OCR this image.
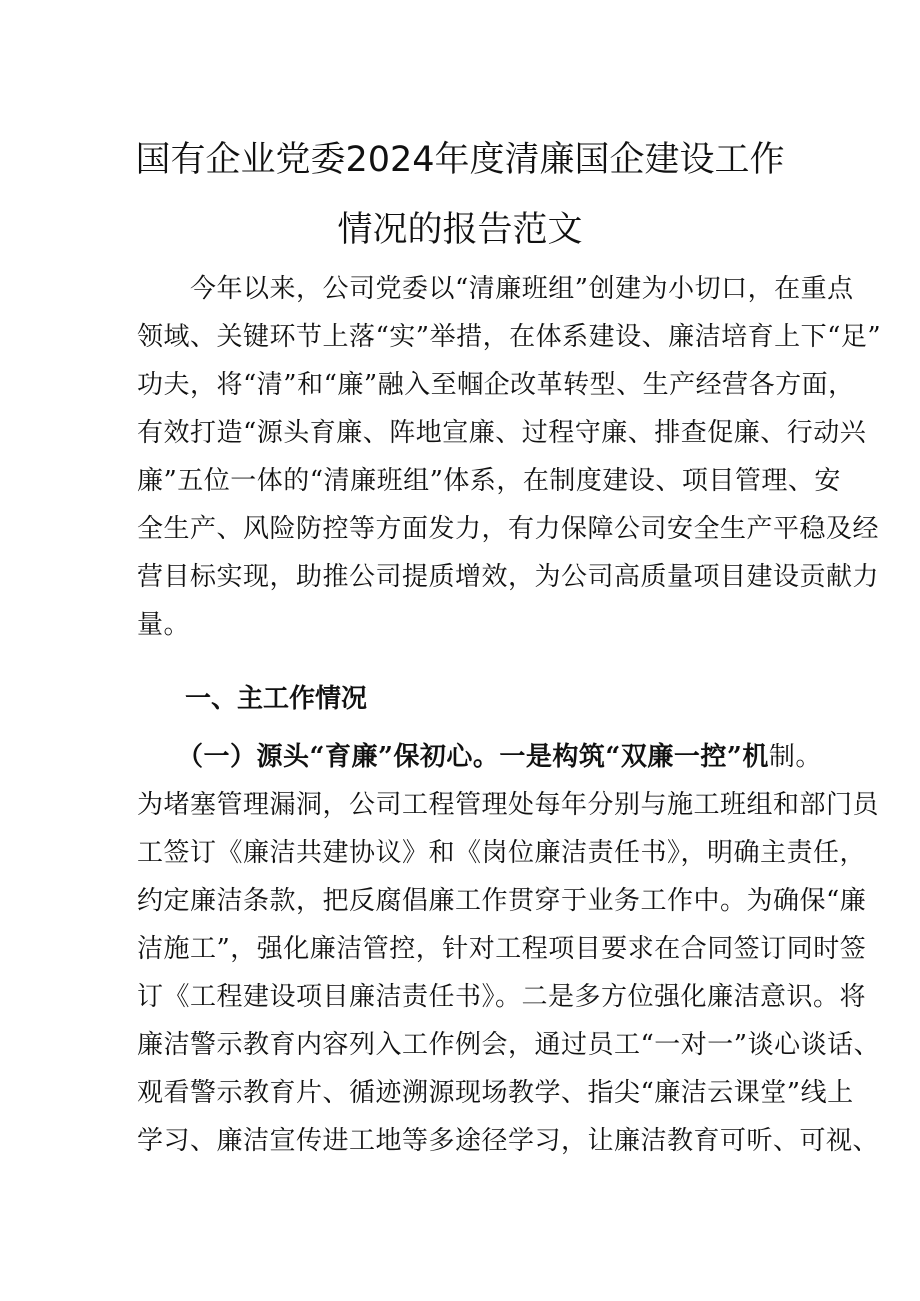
国有企业党委2024年度清廉国企建设工作
情况的报告范文

　　今年以来，公司党委以“清廉班组”创建为小切口，在重点
领域、关键环节上落“实”举措，在体系建设、廉洁培育上下“足”
功夫，将“清”和“廉”融入至帼企改革转型、生产经营各方面，
有效打造“源头育廉、阵地宣廉、过程守廉、排查促廉、行动兴
廉”五位一体的“清廉班组”体系，在制度建设、项目管理、安
全生产、风险防控等方面发力，有力保障公司安全生产平稳及经
营目标实现，助推公司提质增效，为公司高质量项目建设贡献力
量。

一、主工作情况

　　（一）源头“育廉”保初心。一是构筑“双廉一控”机制。
为堵塞管理漏洞，公司工程管理处每年分别与施工班组和部门员
工签订《廉洁共建协议》和《岗位廉洁责任书》，明确主责任，
约定廉洁条款，把反腐倡廉工作贯穿于业务工作中。为确保“廉
洁施工”，强化廉洁管控，针对工程项目要求在合同签订同时签
订《工程建设项目廉洁责任书》。二是多方位强化廉洁意识。将
廉洁警示教育内容列入工作例会，通过员工“一对一”谈心谈话、
观看警示教育片、循迹溯源现场教学、指尖“廉洁云课堂”线上
学习、廉洁宣传进工地等多途径学习，让廉洁教育可听、可视、
